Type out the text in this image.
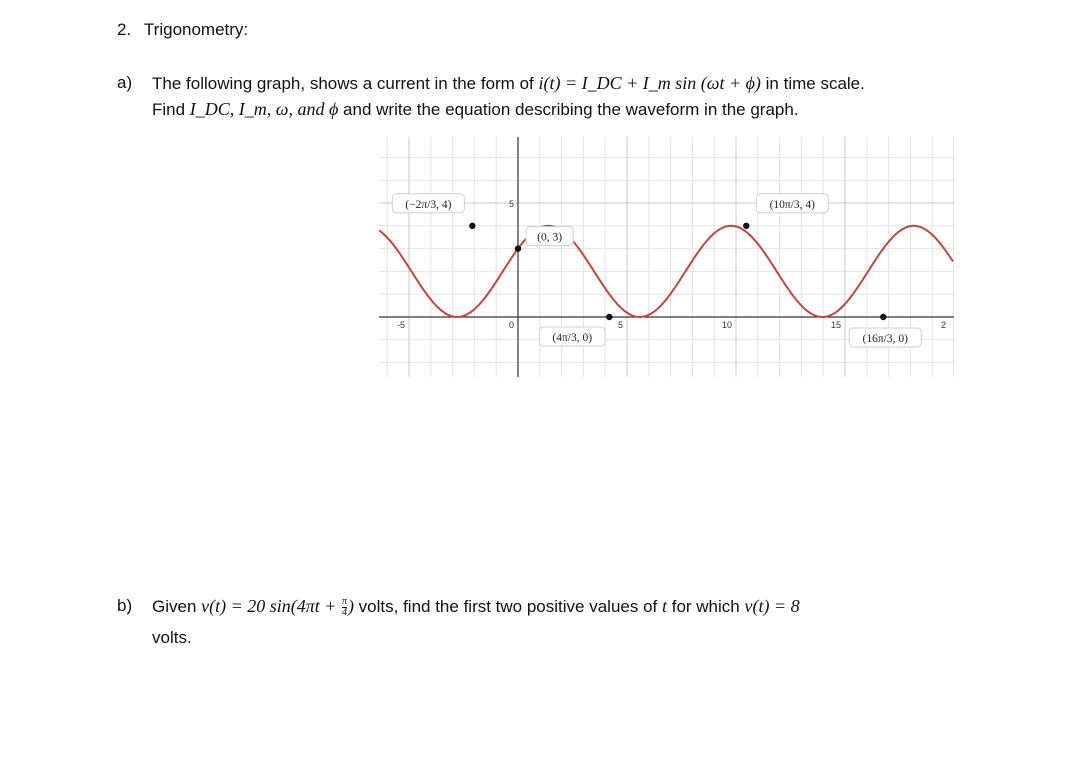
2. Trigonometry:
a) The following graph, shows a current in the form of i(t) = I_DC + I_m sin (ωt + ϕ) in time scale.
Find I_DC, I_m, ω, and ϕ and write the equation describing the waveform in the graph.
-5	0	5	10	15	2
5
(−2π/3, 4)
(0, 3)
(4π/3, 0)
(10π/3, 4)
(16π/3, 0)
b) Given v(t) = 20 $\sin(4\pi t + \frac{\pi}{4}$ ) volts, find the first two positive values of t for which v(t) = 8
volts.
